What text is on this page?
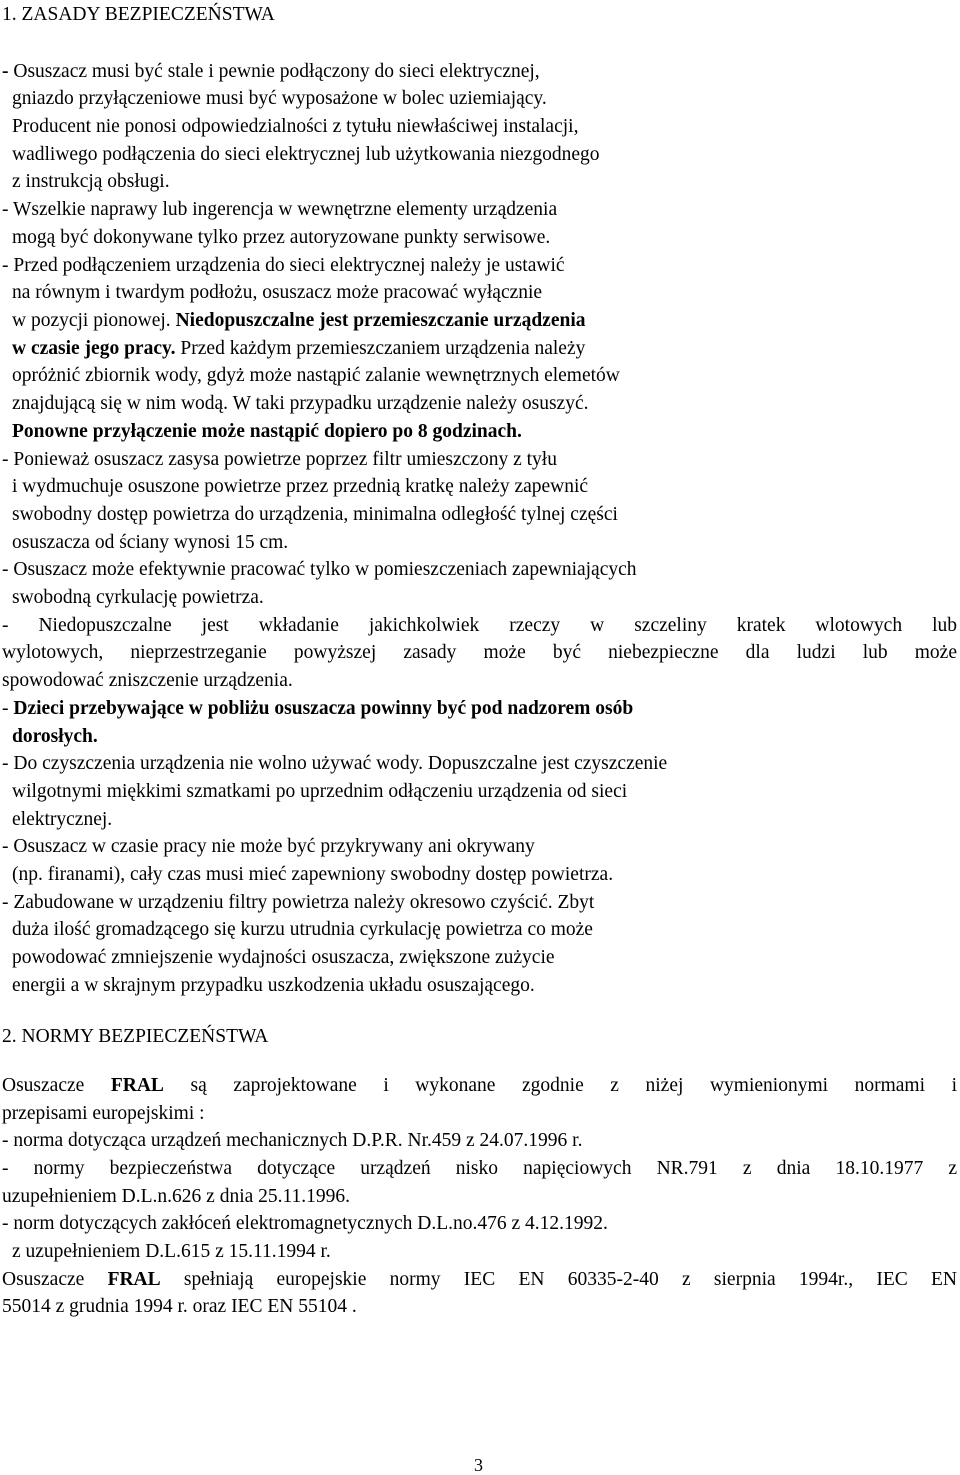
1. ZASADY BEZPIECZEŃSTWA
- Osuszacz musi być stale i pewnie podłączony do sieci elektrycznej,
gniazdo przyłączeniowe musi być wyposażone w bolec uziemiający.
Producent nie ponosi odpowiedzialności z tytułu niewłaściwej instalacji,
wadliwego podłączenia do sieci elektrycznej lub użytkowania niezgodnego
z instrukcją obsługi.
- Wszelkie naprawy lub ingerencja w wewnętrzne elementy urządzenia
mogą być dokonywane tylko przez autoryzowane punkty serwisowe.
- Przed podłączeniem urządzenia do sieci elektrycznej należy je ustawić
na równym i twardym podłożu, osuszacz może pracować wyłącznie
w pozycji pionowej. Niedopuszczalne jest przemieszczanie urządzenia
w czasie jego pracy. Przed każdym przemieszczaniem urządzenia należy
opróżnić zbiornik wody, gdyż może nastąpić zalanie wewnętrznych elemetów
znajdującą się w nim wodą. W taki przypadku urządzenie należy osuszyć.
Ponowne przyłączenie może nastąpić dopiero po 8 godzinach.
- Ponieważ osuszacz zasysa powietrze poprzez filtr umieszczony z tyłu
i wydmuchuje osuszone powietrze przez przednią kratkę należy zapewnić
swobodny dostęp powietrza do urządzenia, minimalna odległość tylnej części
osuszacza od ściany wynosi 15 cm.
- Osuszacz może efektywnie pracować tylko w pomieszczeniach zapewniających
swobodną cyrkulację powietrza.
- Niedopuszczalne jest wkładanie jakichkolwiek rzeczy w szczeliny kratek wlotowych lub
wylotowych, nieprzestrzeganie powyższej zasady może być niebezpieczne dla ludzi lub może
spowodować zniszczenie urządzenia.
- Dzieci przebywające w pobliżu osuszacza powinny być pod nadzorem osób
dorosłych.
- Do czyszczenia urządzenia nie wolno używać wody. Dopuszczalne jest czyszczenie
wilgotnymi miękkimi szmatkami po uprzednim odłączeniu urządzenia od sieci
elektrycznej.
- Osuszacz w czasie pracy nie może być przykrywany ani okrywany
(np. firanami), cały czas musi mieć zapewniony swobodny dostęp powietrza.
- Zabudowane w urządzeniu filtry powietrza należy okresowo czyścić. Zbyt
duża ilość gromadzącego się kurzu utrudnia cyrkulację powietrza co może
powodować zmniejszenie wydajności osuszacza, zwiększone zużycie
energii a w skrajnym przypadku uszkodzenia układu osuszającego.
2. NORMY BEZPIECZEŃSTWA
Osuszacze FRAL są zaprojektowane i wykonane zgodnie z niżej wymienionymi normami i
przepisami europejskimi :
- norma dotycząca urządzeń mechanicznych D.P.R. Nr.459 z 24.07.1996 r.
- normy bezpieczeństwa dotyczące urządzeń nisko napięciowych NR.791 z dnia 18.10.1977 z
uzupełnieniem D.L.n.626 z dnia 25.11.1996.
- norm dotyczących zakłóceń elektromagnetycznych D.L.no.476 z 4.12.1992.
z uzupełnieniem D.L.615 z 15.11.1994 r.
Osuszacze FRAL spełniają europejskie normy IEC EN 60335-2-40 z sierpnia 1994r., IEC EN
55014 z grudnia 1994 r. oraz IEC EN 55104 .
3
